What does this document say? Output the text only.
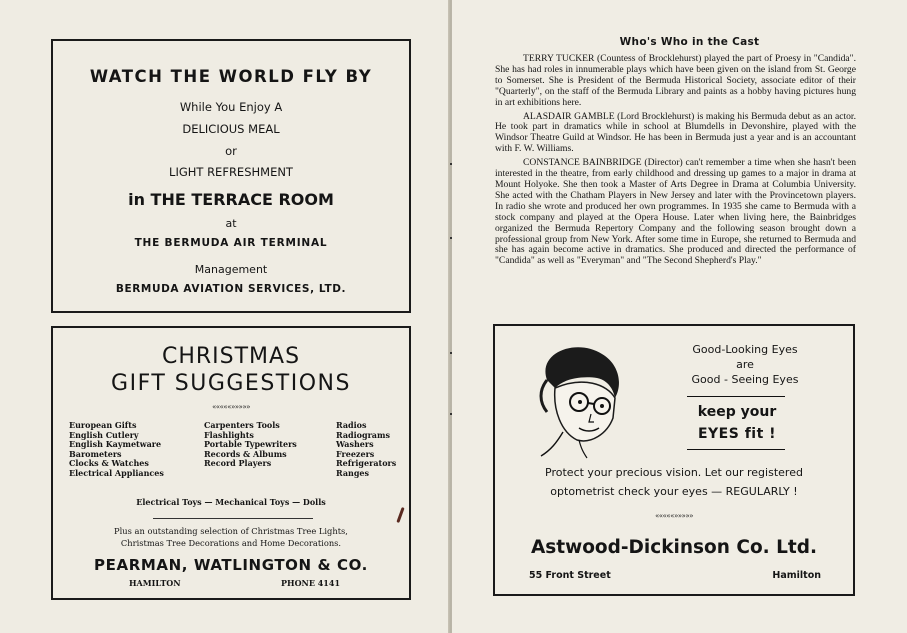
WATCH THE WORLD FLY BY
While You Enjoy A
DELICIOUS MEAL
or
LIGHT REFRESHMENT
in THE TERRACE ROOM
at
THE BERMUDA AIR TERMINAL
Management
BERMUDA AVIATION SERVICES, LTD.
CHRISTMAS
GIFT SUGGESTIONS
«««««»»»»»
Electrical Toys — Mechanical Toys — Dolls
Plus an outstanding selection of Christmas Tree Lights,
Christmas Tree Decorations and Home Decorations.
PEARMAN, WATLINGTON & CO.
HAMILTON	PHONE 4141
European Gifts
English Cutlery
English Kaymetware
Barometers
Clocks & Watches
Electrical Appliances
Carpenters Tools
Flashlights
Portable Typewriters
Records & Albums
Record Players
Radios
Radiograms
Washers
Freezers
Refrigerators
Ranges
Who's Who in the Cast

TERRY TUCKER (Countess of Brocklehurst) played the part of Proesy in "Candida". She has had roles in innumerable plays which have been given on the island from St. George to Somerset. She is President of the Bermuda Historical Society, associate editor of their "Quarterly", on the staff of the Bermuda Library and paints as a hobby having pictures hung in art exhibitions here.

ALASDAIR GAMBLE (Lord Brocklehurst) is making his Bermuda debut as an actor. He took part in dramatics while in school at Blumdells in Devonshire, played with the Windsor Theatre Guild at Windsor. He has been in Bermuda just a year and is an accountant with F. W. Williams.

CONSTANCE BAINBRIDGE (Director) can't remember a time when she hasn't been interested in the theatre, from early childhood and dressing up games to a major in drama at Mount Holyoke. She then took a Master of Arts Degree in Drama at Columbia University. She acted with the Chatham Players in New Jersey and later with the Provincetown players. In radio she wrote and produced her own programmes. In 1935 she came to Bermuda with a stock company and played at the Opera House. Later when living here, the Bainbridges organized the Bermuda Repertory Company and the following season brought down a professional group from New York. After some time in Europe, she returned to Bermuda and she has again become active in dramatics. She produced and directed the performance of "Candida" as well as "Everyman" and "The Second Shepherd's Play."

Good-Looking Eyes
are
Good - Seeing Eyes
keep your
EYES fit !
Protect your precious vision. Let our registered
optometrist check your eyes — REGULARLY !
«««««»»»»»
Astwood-Dickinson Co. Ltd.
55 Front Street	Hamilton
